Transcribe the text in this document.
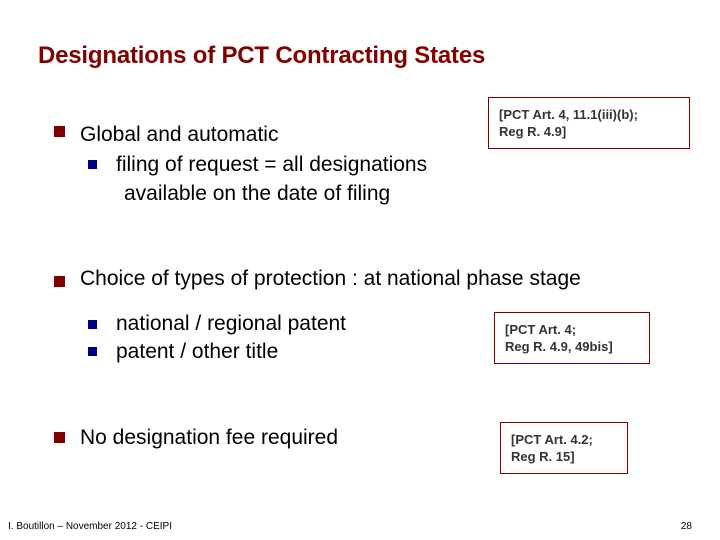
Designations of PCT Contracting States
Global and automatic
filing of request = all designations
available on the date of filing
[PCT Art. 4, 11.1(iii)(b);
Reg R. 4.9]
Choice of types of protection : at national phase stage
national / regional patent
patent / other title
[PCT Art. 4;
Reg R. 4.9, 49bis]
No designation fee required	[PCT Art. 4.2;
Reg R. 15]
I. Boutillon – November 2012 - CEIPI	28
